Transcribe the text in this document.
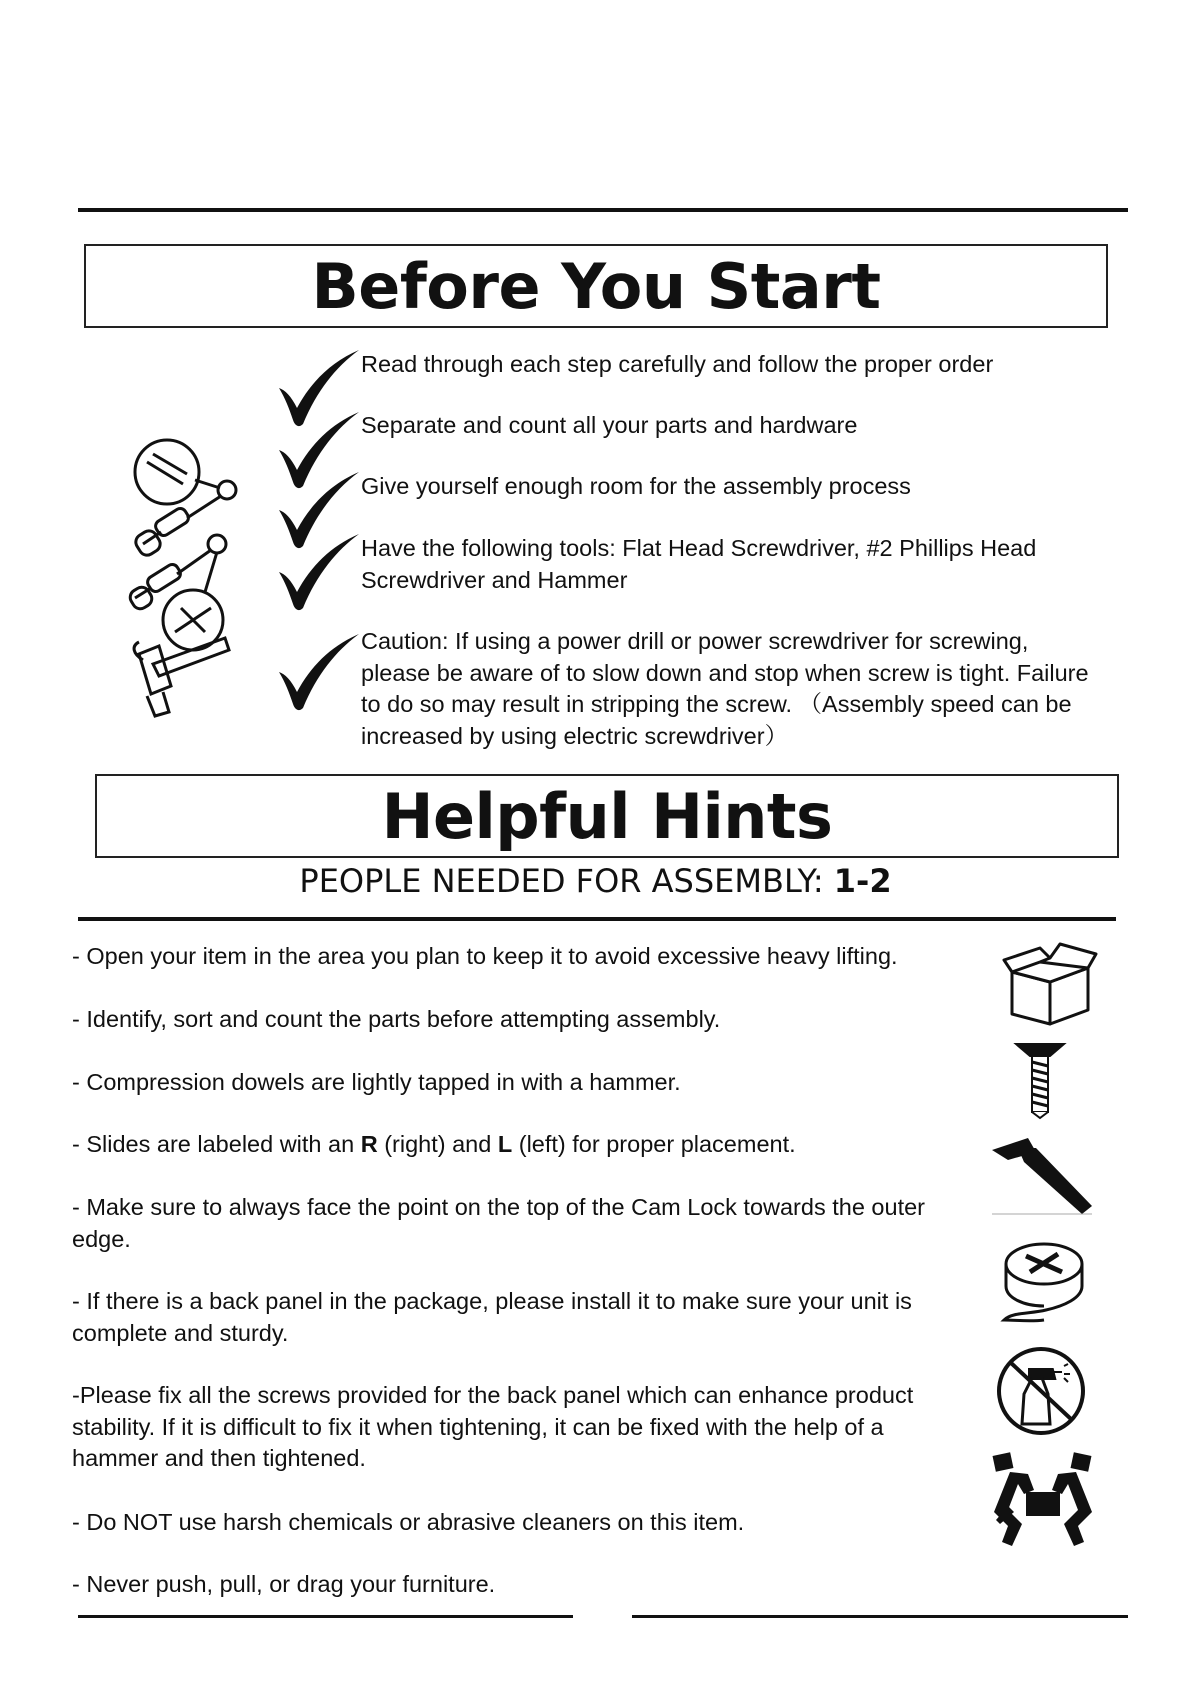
Before You Start
Read through each step carefully and follow the proper order
Separate and count all your parts and hardware
Give yourself enough room for the assembly process
Have the following tools: Flat Head Screwdriver, #2 Phillips Head Screwdriver and Hammer
Caution: If using a power drill or power screwdriver for screwing, please be aware of to slow down and stop when screw is tight. Failure to do so may result in stripping the screw. （Assembly speed can be increased by using electric screwdriver）
Helpful Hints
PEOPLE NEEDED FOR ASSEMBLY: 1-2
- Open your item in the area you plan to keep it to avoid excessive heavy lifting.
- Identify, sort and count the parts before attempting assembly.
- Compression dowels are lightly tapped in with a hammer.
- Slides are labeled with an R (right) and L (left) for proper placement.
- Make sure to always face the point on the top of the Cam Lock towards the outer edge.
- If there is a back panel in the package, please install it to make sure your unit is complete and sturdy.
-Please fix all the screws provided for the back panel which can enhance product stability. If it is difficult to fix it when tightening, it can be fixed with the help of a hammer and then tightened.
- Do NOT use harsh chemicals or abrasive cleaners on this item.
- Never push, pull, or drag your furniture.
